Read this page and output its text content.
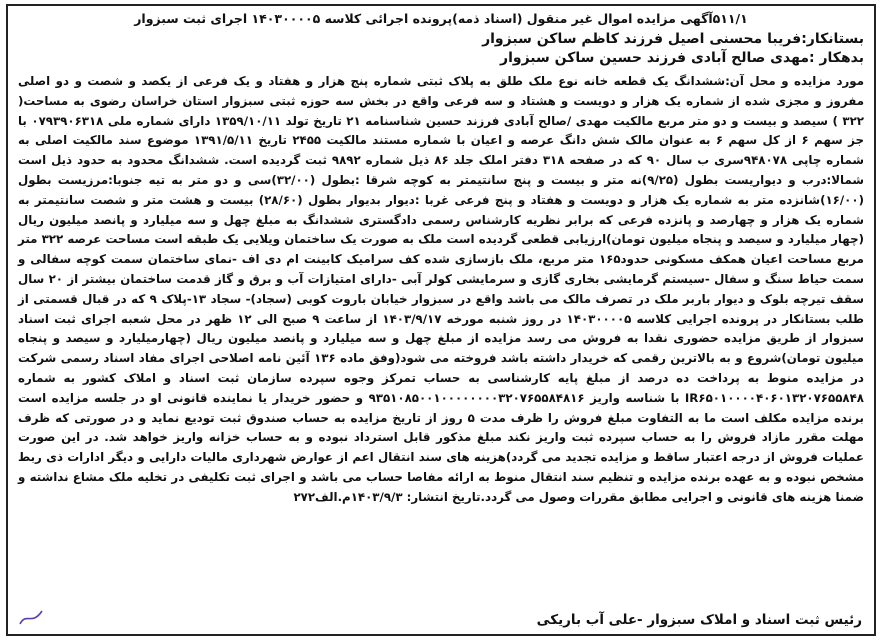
۵۱۱/۱آگهی مزایده اموال غیر منقول (اسناد ذمه)پرونده اجرائی کلاسه ۱۴۰۳۰۰۰۰۵ اجرای ثبت سبزوار

بستانکار:فریبا محسنی اصیل فرزند کاظم ساکن سبزوار

بدهکار :مهدی صالح آبادی فرزند حسین ساکن سبزوار

مورد مزایده و محل آن:ششدانگ یک قطعه خانه نوع ملک طلق به پلاک ثبتی شماره پنج هزار و هفتاد و یک فرعی از یکصد و شصت و دو اصلی مفروز و مجزی شده از شماره یک هزار و دویست و هشتاد و سه فرعی واقع در بخش سه حوزه ثبتی سبزوار استان خراسان رضوی به مساحت( ۳۲۲ ) سیصد و بیست و دو متر مربع مالکیت مهدی /صالح آبادی فرزند حسین شناسنامه ۲۱ تاریخ تولد ۱۳۵۹/۱۰/۱۱ دارای شماره ملی ۰۷۹۳۹۰۶۳۱۸ با جز سهم ۶ از کل سهم ۶ به عنوان مالک شش دانگ عرصه و اعیان با شماره مستند مالکیت ۲۴۵۵ تاریخ ۱۳۹۱/۵/۱۱ موضوع سند مالکیت اصلی به شماره چاپی ۹۴۸۰۷۸سری ب سال ۹۰ که در صفحه ۳۱۸ دفتر املک جلد ۸۶ ذیل شماره ۹۸۹۲ ثبت گردیده است. ششدانگ محدود به حدود ذیل است شمالا:درب و دیواریست بطول (۹/۲۵)نه متر و بیست و پنج سانتیمتر به کوچه شرقا :بطول (۳۲/۰۰)سی و دو متر به تیه جنوبا:مرزیست بطول (۱۶/۰۰)شانزده متر به شماره یک هزار و دویست و هفتاد و پنج فرعی غربا :دیوار بدیوار بطول (۲۸/۶۰) بیست و هشت متر و شصت سانتیمتر به شماره یک هزار و چهارصد و پانزده فرعی که برابر نظریه کارشناس رسمی دادگستری ششدانگ به مبلغ چهل و سه میلیارد و پانصد میلیون ریال (چهار میلیارد و سیصد و پنجاه میلیون تومان)ارزیابی قطعی گردیده است ملک به صورت یک ساختمان ویلایی یک طبقه است مساحت عرصه ۳۲۲ متر مربع مساحت اعیان همکف مسکونی حدود۱۶۵ متر مربع، ملک بازسازی شده کف سرامیک کابینت ام دی اف -نمای ساختمان سمت کوچه سفالی و سمت حیاط سنگ و سفال -سیستم گرمایشی بخاری گازی و سرمایشی کولر آبی -دارای امتیازات آب و برق و گاز قدمت ساختمان بیشتر از ۲۰ سال سقف تیرچه بلوک و دیوار باربر ملک در تصرف مالک می باشد واقع در سبزوار خیابان باروت کوبی (سجاد)- سجاد ۱۳-پلاک ۹ که در قبال قسمتی از طلب بستانکار در پرونده اجرایی کلاسه ۱۴۰۳۰۰۰۰۵ در روز شنبه مورخه ۱۴۰۳/۹/۱۷ از ساعت ۹ صبح الی ۱۲ ظهر در محل شعبه اجرای ثبت اسناد سبزوار از طریق مزایده حضوری نقدا به فروش می رسد مزایده از مبلغ چهل و سه میلیارد و پانصد میلیون ریال (چهارمیلیارد و سیصد و پنجاه میلیون تومان)شروع و به بالاترین رقمی که خریدار داشته باشد فروخته می شود(وفق ماده ۱۳۶ آئین نامه اصلاحی اجرای مفاد اسناد رسمی شرکت در مزایده منوط به پرداخت ده درصد از مبلغ پایه کارشناسی به حساب تمرکز وجوه سپرده سازمان ثبت اسناد و املاک کشور به شماره IR۶۵۰۱۰۰۰۰۴۰۶۰۱۳۲۰۷۶۵۵۸۴۸ با شناسه واریز ۹۳۵۱۰۸۵۰۰۱۰۰۰۰۰۰۰۰۳۲۰۷۶۵۵۸۴۸۱۶ و حضور خریدار یا نماینده قانونی او در جلسه مزایده است برنده مزایده مکلف است ما به التفاوت مبلغ فروش را ظرف مدت ۵ روز از تاریخ مزایده به حساب صندوق ثبت تودیع نماید و در صورتی که ظرف مهلت مقرر مازاد فروش را به حساب سپرده ثبت واریز نکند مبلغ مذکور قابل استرداد نبوده و به حساب خزانه واریز خواهد شد. در این صورت عملیات فروش از درجه اعتبار ساقط و مزایده تجدید می گردد)هزینه های سند انتقال اعم از عوارض شهرداری مالیات دارایی و دیگر ادارات ذی ربط مشخص نبوده و به عهده برنده مزایده و تنظیم سند انتقال منوط به ارائه مفاصا حساب می باشد و اجرای ثبت تکلیفی در تخلیه ملک مشاع نداشته و ضمنا هزینه های قانونی و اجرایی مطابق مقررات وصول می گردد.تاریخ انتشار: ۱۴۰۳/۹/۳م.الف۲۷۲

رئیس ثبت اسناد و املاک سبزوار -علی آب باریکی
